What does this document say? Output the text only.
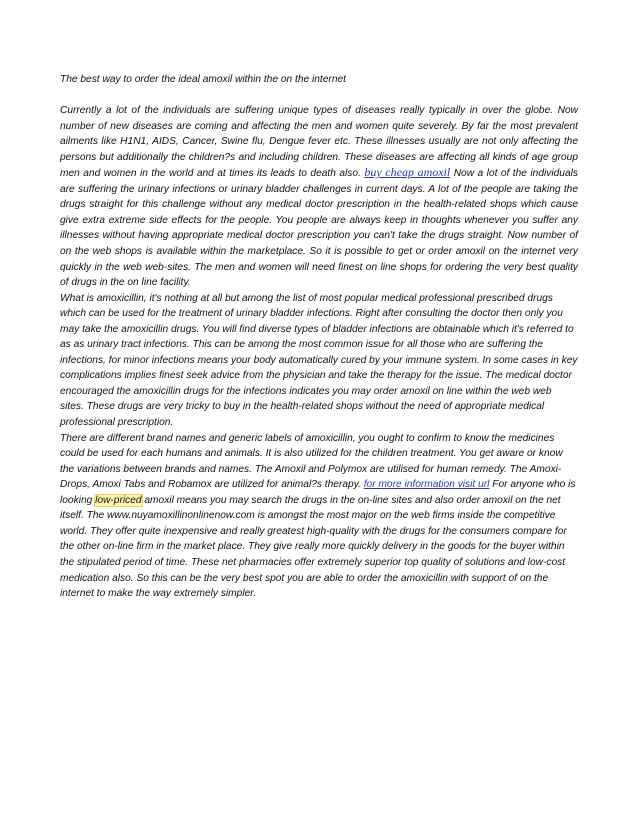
The best way to order the ideal amoxil within the on the internet

Currently a lot of the individuals are suffering unique types of diseases really typically in over the globe. Now number of new diseases are coming and affecting the men and women quite severely. By far the most prevalent ailments like H1N1, AIDS, Cancer, Swine flu, Dengue fever etc. These illnesses usually are not only affecting the persons but additionally the children?s and including children. These diseases are affecting all kinds of age group men and women in the world and at times its leads to death also. buy cheap amoxil Now a lot of the individuals are suffering the urinary infections or urinary bladder challenges in current days. A lot of the people are taking the drugs straight for this challenge without any medical doctor prescription in the health-related shops which cause give extra extreme side effects for the people. You people are always keep in thoughts whenever you suffer any illnesses without having appropriate medical doctor prescription you can't take the drugs straight. Now number of on the web shops is available within the marketplace. So it is possible to get or order amoxil on the internet very quickly in the web web-sites. The men and women will need finest on line shops for ordering the very best quality of drugs in the on line facility.

What is amoxicillin, it's nothing at all but among the list of most popular medical professional prescribed drugs which can be used for the treatment of urinary bladder infections. Right after consulting the doctor then only you may take the amoxicillin drugs. You will find diverse types of bladder infections are obtainable which it's referred to as as urinary tract infections. This can be among the most common issue for all those who are suffering the infections, for minor infections means your body automatically cured by your immune system. In some cases in key complications implies finest seek advice from the physician and take the therapy for the issue. The medical doctor encouraged the amoxicillin drugs for the infections indicates you may order amoxil on line within the web web sites. These drugs are very tricky to buy in the health-related shops without the need of appropriate medical professional prescription.

There are different brand names and generic labels of amoxicillin, you ought to confirm to know the medicines could be used for each humans and animals. It is also utilized for the children treatment. You get aware or know the variations between brands and names. The Amoxil and Polymox are utilised for human remedy. The Amoxi- Drops, Amoxi Tabs and Robamox are utilized for animal?s therapy. for more information visit url For anyone who is looking low-priced amoxil means you may search the drugs in the on-line sites and also order amoxil on the net itself. The www.nuyamoxillinonlinenow.com is amongst the most major on the web firms inside the competitive world. They offer quite inexpensive and really greatest high-quality with the drugs for the consumers compare for the other on-line firm in the market place. They give really more quickly delivery in the goods for the buyer within the stipulated period of time. These net pharmacies offer extremely superior top quality of solutions and low-cost medication also. So this can be the very best spot you are able to order the amoxicillin with support of on the internet to make the way extremely simpler.
